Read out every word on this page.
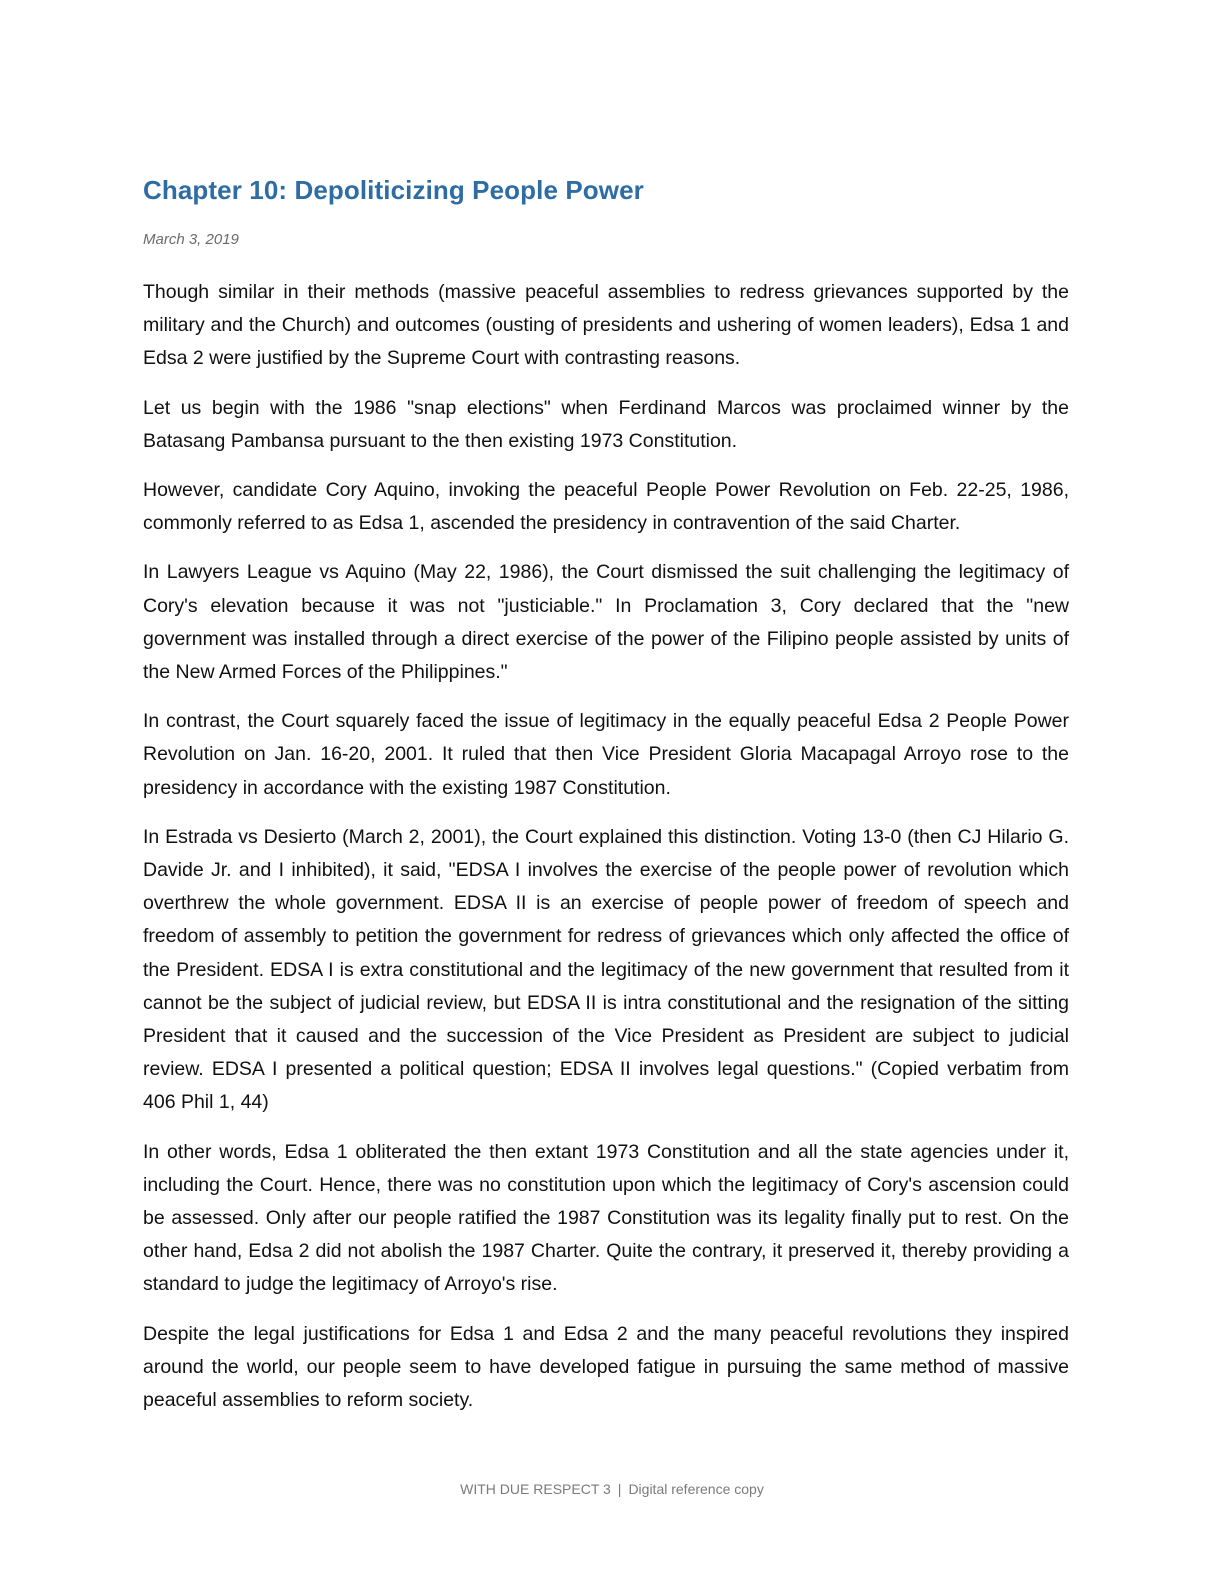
Chapter 10: Depoliticizing People Power
March 3, 2019

Though similar in their methods (massive peaceful assemblies to redress grievances supported by the military and the Church) and outcomes (ousting of presidents and ushering of women leaders), Edsa 1 and Edsa 2 were justified by the Supreme Court with contrasting reasons.

Let us begin with the 1986 "snap elections" when Ferdinand Marcos was proclaimed winner by the Batasang Pambansa pursuant to the then existing 1973 Constitution.

However, candidate Cory Aquino, invoking the peaceful People Power Revolution on Feb. 22-25, 1986, commonly referred to as Edsa 1, ascended the presidency in contravention of the said Charter.

In Lawyers League vs Aquino (May 22, 1986), the Court dismissed the suit challenging the legitimacy of Cory's elevation because it was not "justiciable." In Proclamation 3, Cory declared that the "new government was installed through a direct exercise of the power of the Filipino people assisted by units of the New Armed Forces of the Philippines."

In contrast, the Court squarely faced the issue of legitimacy in the equally peaceful Edsa 2 People Power Revolution on Jan. 16-20, 2001. It ruled that then Vice President Gloria Macapagal Arroyo rose to the presidency in accordance with the existing 1987 Constitution.

In Estrada vs Desierto (March 2, 2001), the Court explained this distinction. Voting 13-0 (then CJ Hilario G. Davide Jr. and I inhibited), it said, "EDSA I involves the exercise of the people power of revolution which overthrew the whole government. EDSA II is an exercise of people power of freedom of speech and freedom of assembly to petition the government for redress of grievances which only affected the office of the President. EDSA I is extra constitutional and the legitimacy of the new government that resulted from it cannot be the subject of judicial review, but EDSA II is intra constitutional and the resignation of the sitting President that it caused and the succession of the Vice President as President are subject to judicial review. EDSA I presented a political question; EDSA II involves legal questions." (Copied verbatim from 406 Phil 1, 44)

In other words, Edsa 1 obliterated the then extant 1973 Constitution and all the state agencies under it, including the Court. Hence, there was no constitution upon which the legitimacy of Cory's ascension could be assessed. Only after our people ratified the 1987 Constitution was its legality finally put to rest. On the other hand, Edsa 2 did not abolish the 1987 Charter. Quite the contrary, it preserved it, thereby providing a standard to judge the legitimacy of Arroyo's rise.

Despite the legal justifications for Edsa 1 and Edsa 2 and the many peaceful revolutions they inspired around the world, our people seem to have developed fatigue in pursuing the same method of massive peaceful assemblies to reform society.

WITH DUE RESPECT 3 | Digital reference copy
